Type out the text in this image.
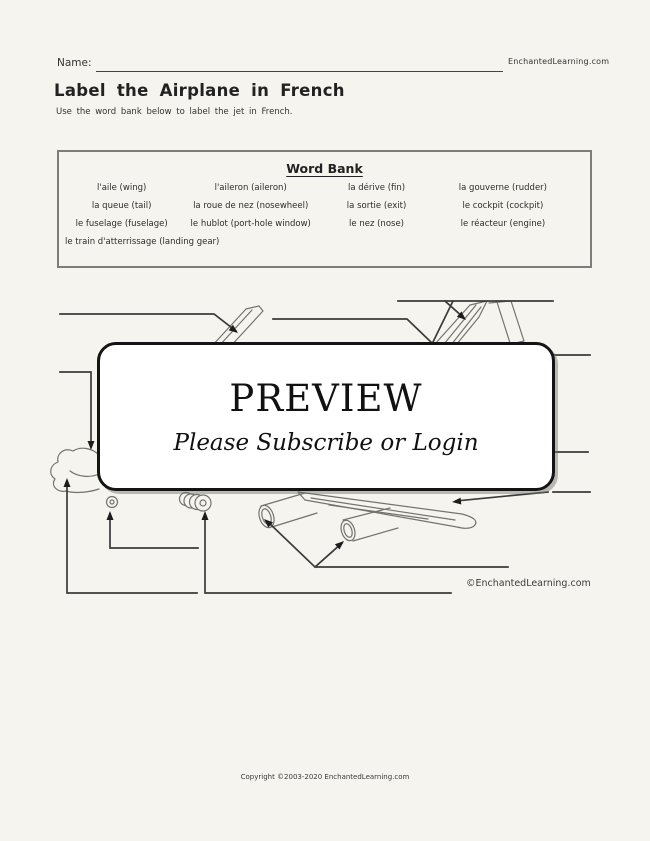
Name:	EnchantedLearning.com
Label the Airplane in French
Use the word bank below to label the jet in French.
Word Bank
l'aile (wing)	l'aileron (aileron)	la dérive (fin)	la gouverne (rudder)
la queue (tail)	la roue de nez (nosewheel)	la sortie (exit)	le cockpit (cockpit)
le fuselage (fuselage)	le hublot (port-hole window)	le nez (nose)	le réacteur (engine)
le train d'atterrissage (landing gear)
©EnchantedLearning.com
PREVIEW
Please Subscribe or Login
Copyright ©2003-2020 EnchantedLearning.com
